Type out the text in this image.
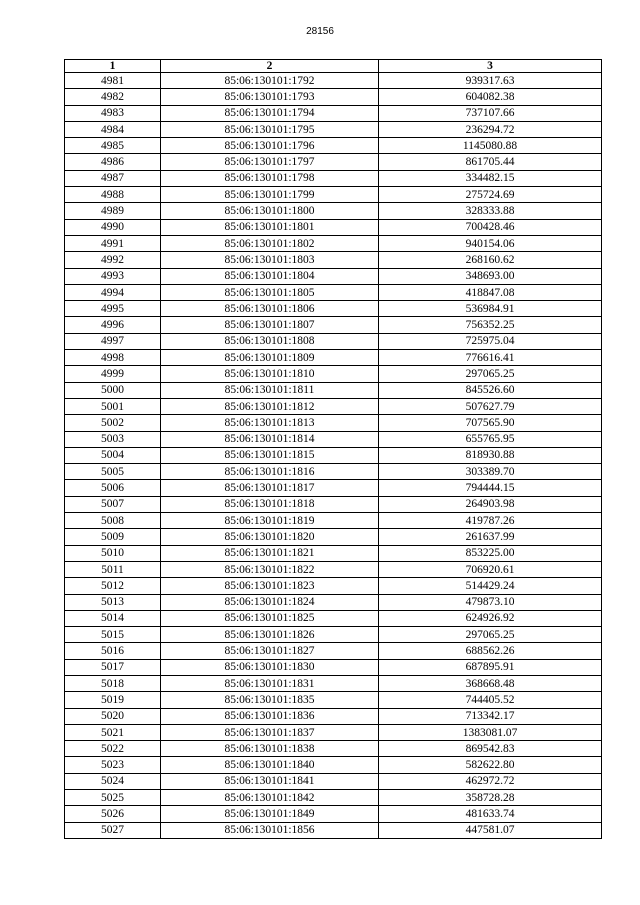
28156
1	2	3
4981	85:06:130101:1792	939317.63
4982	85:06:130101:1793	604082.38
4983	85:06:130101:1794	737107.66
4984	85:06:130101:1795	236294.72
4985	85:06:130101:1796	1145080.88
4986	85:06:130101:1797	861705.44
4987	85:06:130101:1798	334482.15
4988	85:06:130101:1799	275724.69
4989	85:06:130101:1800	328333.88
4990	85:06:130101:1801	700428.46
4991	85:06:130101:1802	940154.06
4992	85:06:130101:1803	268160.62
4993	85:06:130101:1804	348693.00
4994	85:06:130101:1805	418847.08
4995	85:06:130101:1806	536984.91
4996	85:06:130101:1807	756352.25
4997	85:06:130101:1808	725975.04
4998	85:06:130101:1809	776616.41
4999	85:06:130101:1810	297065.25
5000	85:06:130101:1811	845526.60
5001	85:06:130101:1812	507627.79
5002	85:06:130101:1813	707565.90
5003	85:06:130101:1814	655765.95
5004	85:06:130101:1815	818930.88
5005	85:06:130101:1816	303389.70
5006	85:06:130101:1817	794444.15
5007	85:06:130101:1818	264903.98
5008	85:06:130101:1819	419787.26
5009	85:06:130101:1820	261637.99
5010	85:06:130101:1821	853225.00
5011	85:06:130101:1822	706920.61
5012	85:06:130101:1823	514429.24
5013	85:06:130101:1824	479873.10
5014	85:06:130101:1825	624926.92
5015	85:06:130101:1826	297065.25
5016	85:06:130101:1827	688562.26
5017	85:06:130101:1830	687895.91
5018	85:06:130101:1831	368668.48
5019	85:06:130101:1835	744405.52
5020	85:06:130101:1836	713342.17
5021	85:06:130101:1837	1383081.07
5022	85:06:130101:1838	869542.83
5023	85:06:130101:1840	582622.80
5024	85:06:130101:1841	462972.72
5025	85:06:130101:1842	358728.28
5026	85:06:130101:1849	481633.74
5027	85:06:130101:1856	447581.07
